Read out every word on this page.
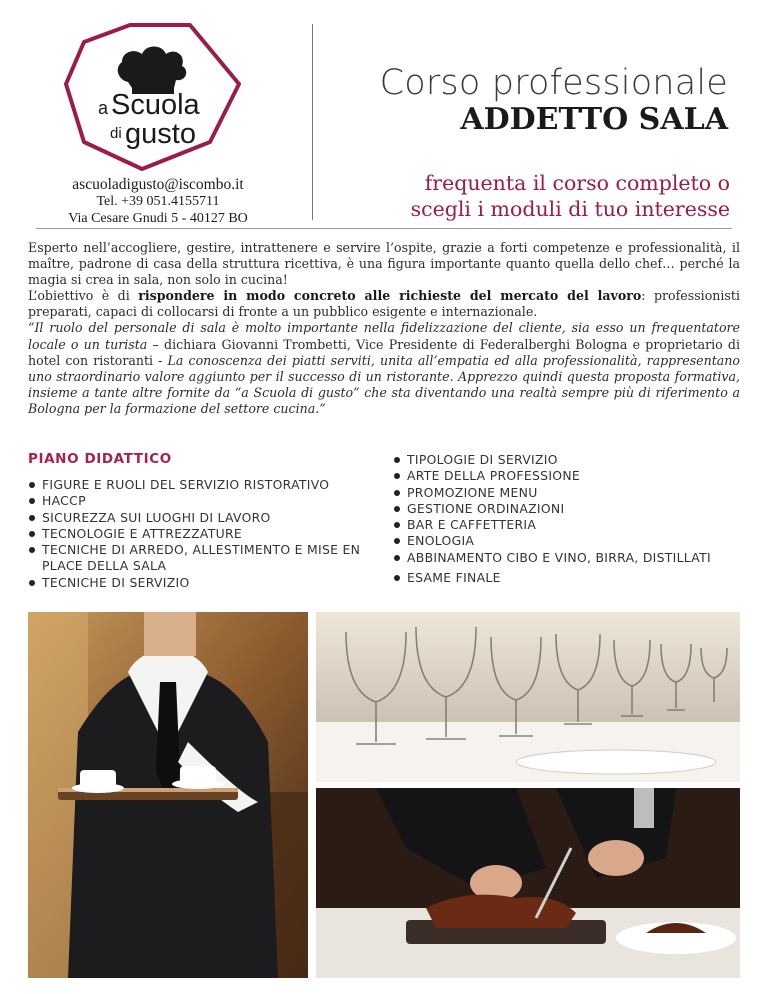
a Scuola
di gusto
ascuoladigusto@iscombo.it
Tel. +39 051.4155711
Via Cesare Gnudi 5 - 40127 BO
Corso professionale
ADDETTO SALA
frequenta il corso completo o
scegli i moduli di tuo interesse

Esperto nell’accogliere, gestire, intrattenere e servire l’ospite, grazie a forti competenze e professionalità, il maître, padrone di casa della struttura ricettiva, è una figura importante quanto quella dello chef… perché la magia si crea in sala, non solo in cucina!

L’obiettivo è di rispondere in modo concreto alle richieste del mercato del lavoro: professionisti preparati, capaci di collocarsi di fronte a un pubblico esigente e internazionale.

“Il ruolo del personale di sala è molto importante nella fidelizzazione del cliente, sia esso un frequentatore locale o un turista – dichiara Giovanni Trombetti, Vice Presidente di Federalberghi Bologna e proprietario di hotel con ristoranti - La conoscenza dei piatti serviti, unita all’empatia ed alla professionalità, rappresentano uno straordinario valore aggiunto per il successo di un ristorante. Apprezzo quindi questa proposta formativa, insieme a tante altre fornite da “a Scuola di gusto” che sta diventando una realtà sempre più di riferimento a Bologna per la formazione del settore cucina.”

PIANO DIDATTICO
FIGURE E RUOLI DEL SERVIZIO RISTORATIVO
HACCP
SICUREZZA SUI LUOGHI DI LAVORO
TECNOLOGIE E ATTREZZATURE
TECNICHE DI ARREDO, ALLESTIMENTO E MISE EN PLACE DELLA SALA
TECNICHE DI SERVIZIO
TIPOLOGIE DI SERVIZIO
ARTE DELLA PROFESSIONE
PROMOZIONE MENU
GESTIONE ORDINAZIONI
BAR E CAFFETTERIA
ENOLOGIA
ABBINAMENTO CIBO E VINO, BIRRA, DISTILLATI
ESAME FINALE
